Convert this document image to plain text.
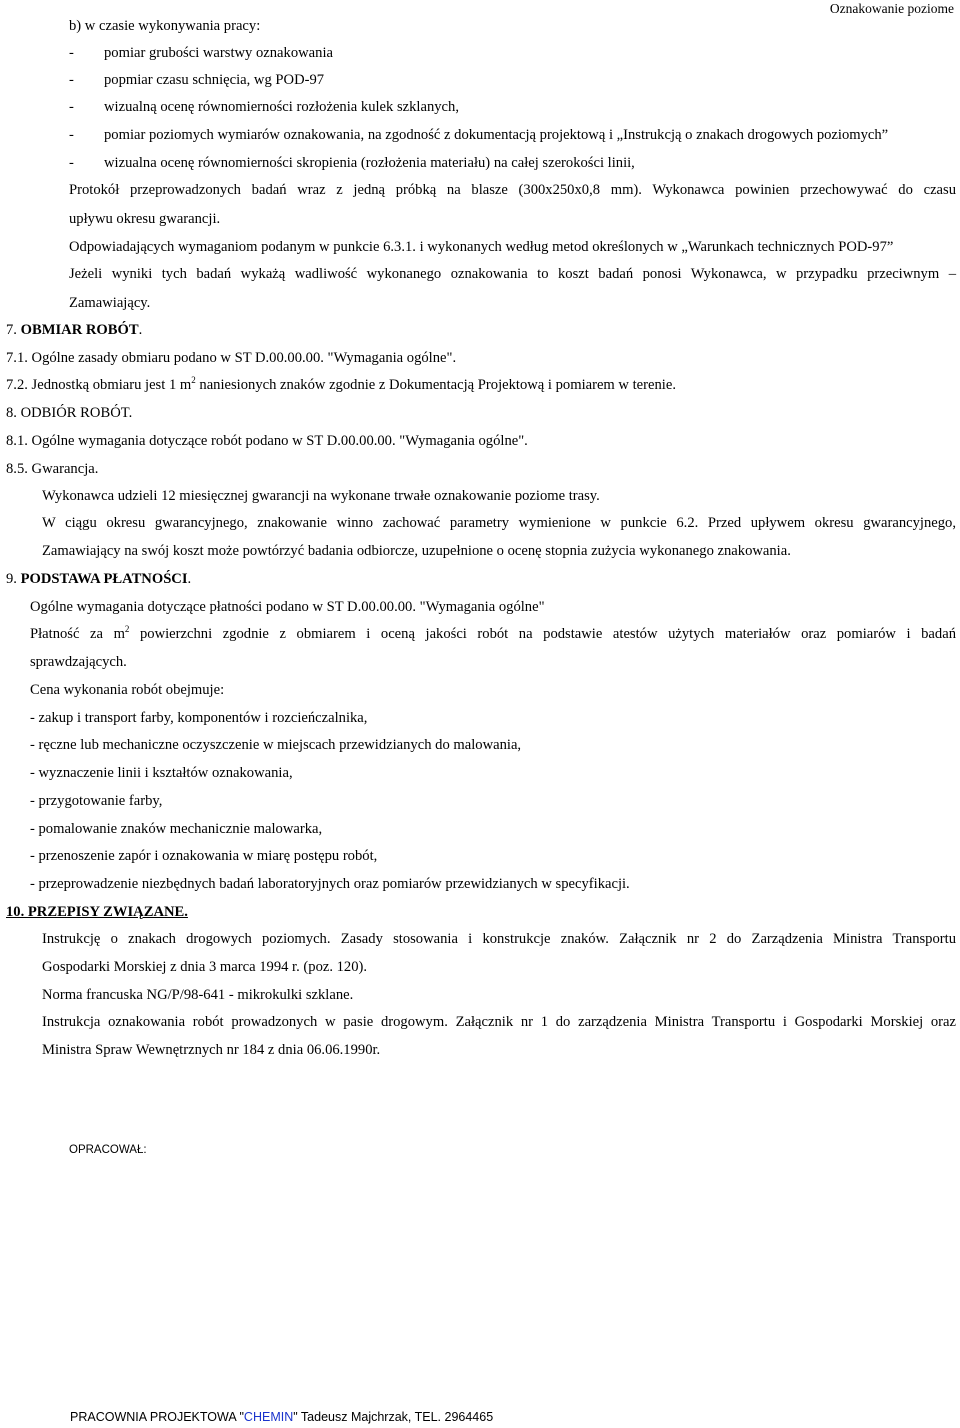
Oznakowanie poziome
b) w czasie wykonywania pracy:
- pomiar grubości warstwy oznakowania
- popmiar czasu schnięcia, wg POD-97
- wizualną ocenę równomierności rozłożenia kulek szklanych,
- pomiar poziomych wymiarów oznakowania, na zgodność z dokumentacją projektową i „Instrukcją o znakach drogowych poziomych”
- wizualna ocenę równomierności skropienia (rozłożenia materiału) na całej szerokości linii,
Protokół przeprowadzonych badań wraz z jedną próbką na blasze (300x250x0,8 mm). Wykonawca powinien przechowywać do czasu
upływu okresu gwarancji.
Odpowiadających wymaganiom podanym w punkcie 6.3.1. i wykonanych według metod określonych w „Warunkach technicznych POD-97”
Jeżeli wyniki tych badań wykażą wadliwość wykonanego oznakowania to koszt badań ponosi Wykonawca, w przypadku przeciwnym –
Zamawiający.
7. OBMIAR ROBÓT.
7.1. Ogólne zasady obmiaru podano w ST D.00.00.00. "Wymagania ogólne".
7.2. Jednostką obmiaru jest 1 $m^2$ naniesionych znaków zgodnie z Dokumentacją Projektową i pomiarem w terenie.
8. ODBIÓR ROBÓT.
8.1. Ogólne wymagania dotyczące robót podano w ST D.00.00.00. "Wymagania ogólne".
8.5. Gwarancja.
Wykonawca udzieli 12 miesięcznej gwarancji na wykonane trwałe oznakowanie poziome trasy.
W ciągu okresu gwarancyjnego, znakowanie winno zachować parametry wymienione w punkcie 6.2. Przed upływem okresu gwarancyjnego,
Zamawiający na swój koszt może powtórzyć badania odbiorcze, uzupełnione o ocenę stopnia zużycia wykonanego znakowania.
9. PODSTAWA PŁATNOŚCI.
Ogólne wymagania dotyczące płatności podano w ST D.00.00.00. "Wymagania ogólne"
Płatność za $m^2$ powierzchni zgodnie z obmiarem i oceną jakości robót na podstawie atestów użytych materiałów oraz pomiarów i badań
sprawdzających.
Cena wykonania robót obejmuje:
- zakup i transport farby, komponentów i rozcieńczalnika,
- ręczne lub mechaniczne oczyszczenie w miejscach przewidzianych do malowania,
- wyznaczenie linii i kształtów oznakowania,
- przygotowanie farby,
- pomalowanie znaków mechanicznie malowarka,
- przenoszenie zapór i oznakowania w miarę postępu robót,
- przeprowadzenie niezbędnych badań laboratoryjnych oraz pomiarów przewidzianych w specyfikacji.
10. PRZEPISY ZWIĄZANE.
Instrukcję o znakach drogowych poziomych. Zasady stosowania i konstrukcje znaków. Załącznik nr 2 do Zarządzenia Ministra Transportu
Gospodarki Morskiej z dnia 3 marca 1994 r. (poz. 120).
Norma francuska NG/P/98-641 - mikrokulki szklane.
Instrukcja oznakowania robót prowadzonych w pasie drogowym. Załącznik nr 1 do zarządzenia Ministra Transportu i Gospodarki Morskiej oraz
Ministra Spraw Wewnętrznych nr 184 z dnia 06.06.1990r.
OPRACOWAŁ:
PRACOWNIA PROJEKTOWA "CHEMIN" Tadeusz Majchrzak, TEL. 2964465
